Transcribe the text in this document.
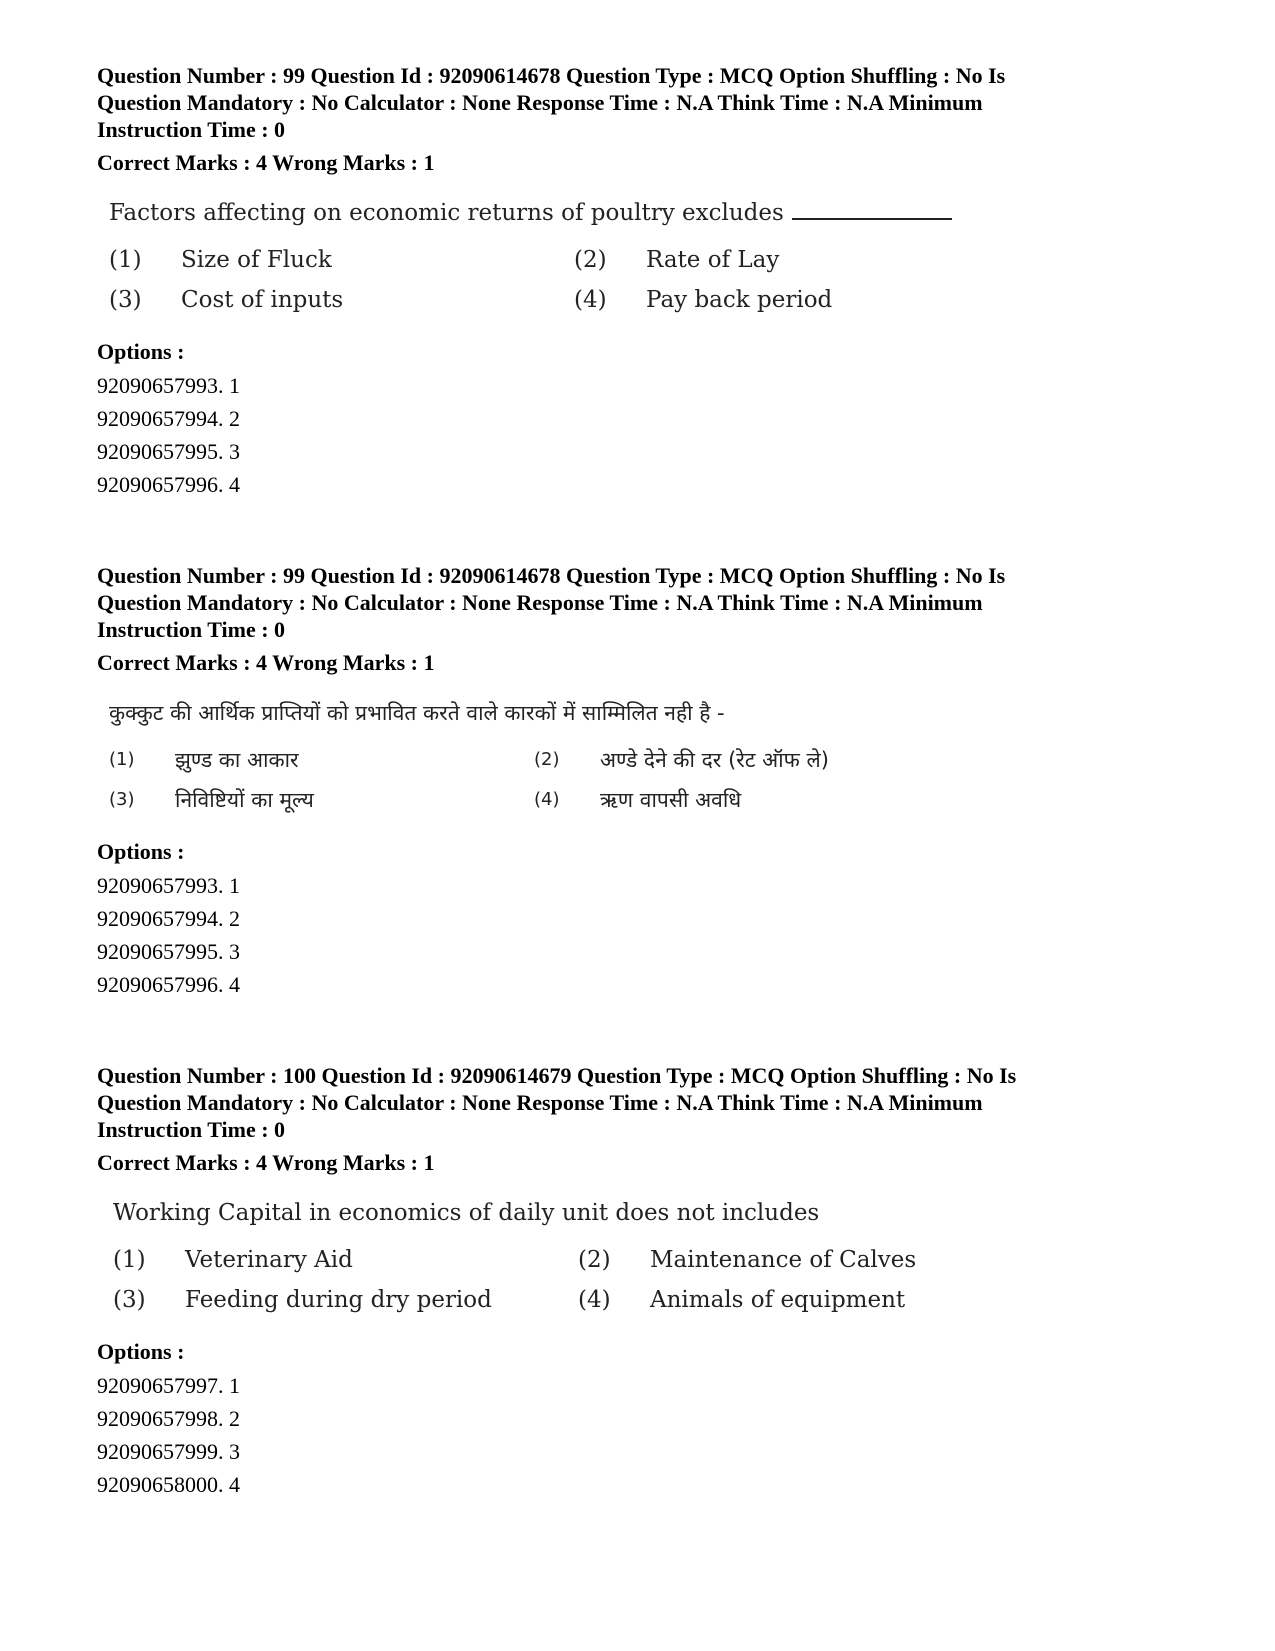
Question Number : 99 Question Id : 92090614678 Question Type : MCQ Option Shuffling : No Is
Question Mandatory : No Calculator : None Response Time : N.A Think Time : N.A Minimum
Instruction Time : 0
Correct Marks : 4 Wrong Marks : 1
Factors affecting on economic returns of poultry excludes
(1)	Size of Fluck	(2)	Rate of Lay
(3)	Cost of inputs	(4)	Pay back period
Options :
92090657993. 1
92090657994. 2
92090657995. 3
92090657996. 4
Question Number : 99 Question Id : 92090614678 Question Type : MCQ Option Shuffling : No Is
Question Mandatory : No Calculator : None Response Time : N.A Think Time : N.A Minimum
Instruction Time : 0
Correct Marks : 4 Wrong Marks : 1
कुक्कुट की आर्थिक प्राप्तियों को प्रभावित करते वाले कारकों में साम्मिलित नही है -
(1)	झुण्ड का आकार	(2)	अण्डे देने की दर (रेट ऑफ ले)
(3)	निविष्टियों का मूल्य	(4)	ऋण वापसी अवधि
Options :
92090657993. 1
92090657994. 2
92090657995. 3
92090657996. 4
Question Number : 100 Question Id : 92090614679 Question Type : MCQ Option Shuffling : No Is
Question Mandatory : No Calculator : None Response Time : N.A Think Time : N.A Minimum
Instruction Time : 0
Correct Marks : 4 Wrong Marks : 1
Working Capital in economics of daily unit does not includes
(1)	Veterinary Aid	(2)	Maintenance of Calves
(3)	Feeding during dry period	(4)	Animals of equipment
Options :
92090657997. 1
92090657998. 2
92090657999. 3
92090658000. 4
